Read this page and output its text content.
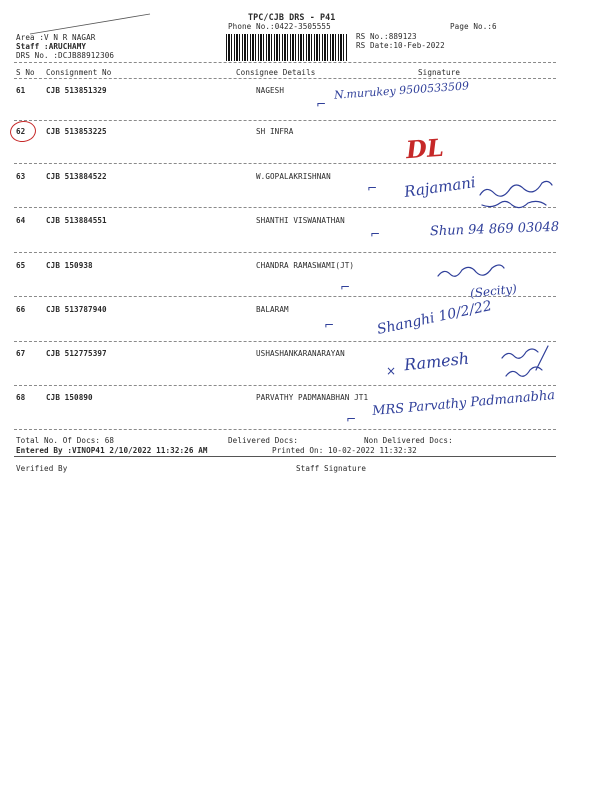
TPC/CJB DRS - P41
Phone No.:0422-3505555
Area :V N R NAGAR
Staff :ARUCHAMY
DRS No. :DCJB88912306
RS No.:889123
RS Date:10-Feb-2022
Page No.:6
S No Consignment No	Consignee Details	Signature
61	CJB 513851329	NAGESH
62	CJB 513853225	SH INFRA
63	CJB 513884522	W.GOPALAKRISHNAN
64	CJB 513884551	SHANTHI VISWANATHAN
65	CJB 150938	CHANDRA RAMASWAMI(JT)
66	CJB 513787940	BALARAM
67	CJB 512775397	USHASHANKARANARAYAN
68	CJB 150890	PARVATHY PADMANABHAN JT1
Total No. Of Docs: 68	Delivered Docs:	Non Delivered Docs:
Entered By :VINOP41 2/10/2022 11:32:26 AM	Printed On: 10-02-2022 11:32:32
Verified By	Staff Signature
⌐
N.murukey 9500533509
DL
⌐ Rajamani
⌐	Shun 94 869 03048
⌐	(Secity)
⌐	Shanghi 10/2/22
× Ramesh
⌐
MRS Parvathy Padmanabha
